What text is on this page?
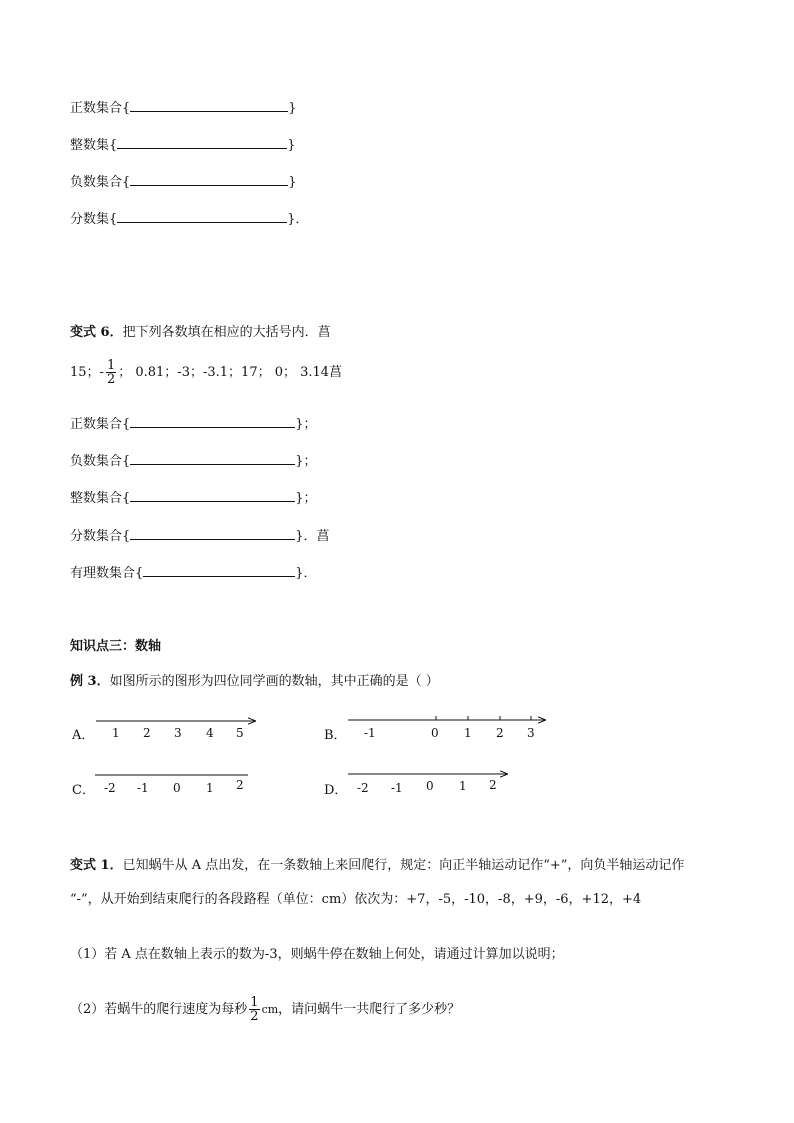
正数集合{	}
整数集{	}
负数集合{	}
分数集{	}．
变式 6．把下列各数填在相应的大括号内．菖
15；- $\frac{1}{2}$ ； 0.81；-3；-3.1；17； 0； 3.14菖
正数集合{	}；
负数集合{	}；
整数集合{	}；
分数集合{	}．菖
有理数集合{	}．
知识点三：数轴
例 3．如图所示的图形为四位同学画的数轴，其中正确的是（ ）
A．	B．
C．	D．
1 2 3 4 5	-1	0 1 2 3
-2 -1 0 1 2	-2 -1 0 1 2
变式 1．已知蜗牛从 A 点出发，在一条数轴上来回爬行，规定：向正半轴运动记作“+”，向负半轴运动记作
“-”，从开始到结束爬行的各段路程（单位：cm）依次为：+7，-5，-10，-8，+9，-6，+12，+4
（1）若 A 点在数轴上表示的数为-3，则蜗牛停在数轴上何处，请通过计算加以说明；
（2）若蜗牛的爬行速度为每秒 $\frac{1}{2}$ cm，请问蜗牛一共爬行了多少秒？
